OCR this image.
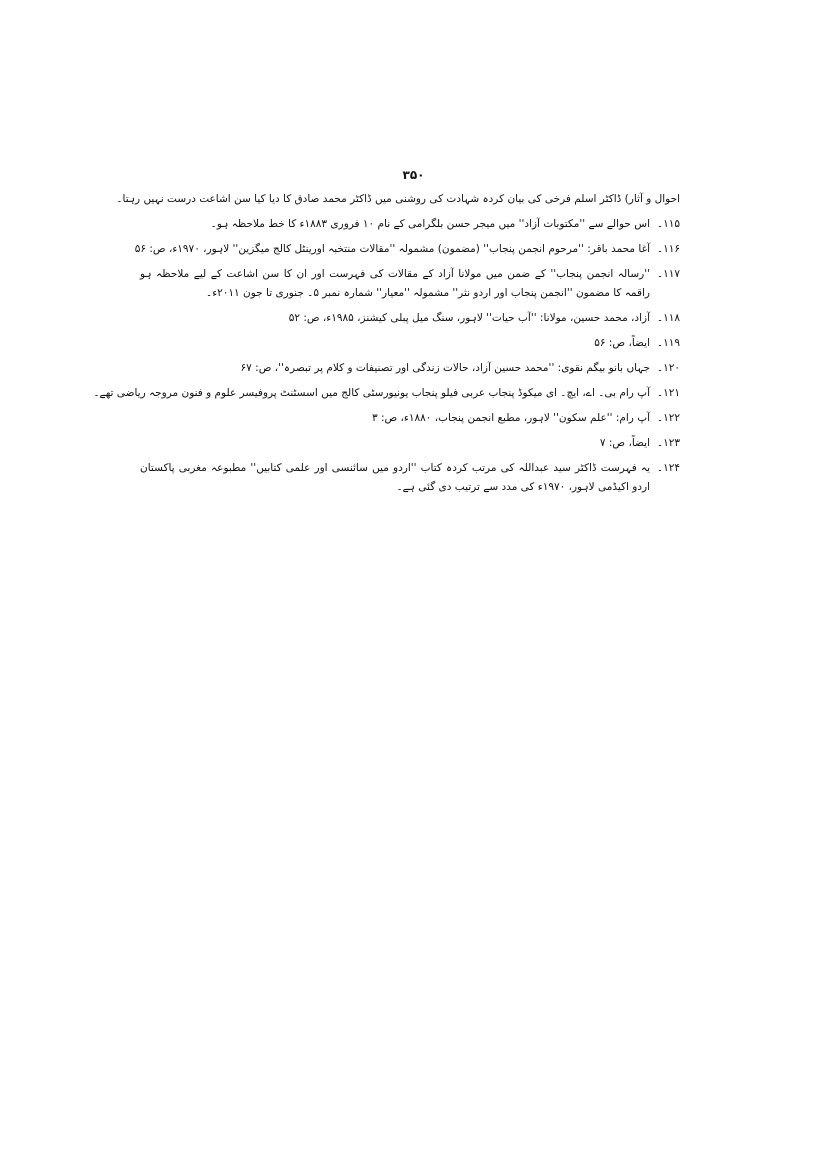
۳۵۰
احوال و آثار) ڈاکٹر اسلم فرخی کی بیان کردہ شہادت کی روشنی میں ڈاکٹر محمد صادق کا دیا کیا سن اشاعت درست نہیں رہتا۔
۱۱۵۔
اس حوالے سے ''مکتوبات آزاد'' میں میجر حسن بلگرامی کے نام ۱۰ فروری ۱۸۸۳ء کا خط ملاحظہ ہو۔
۱۱۶۔
آغا محمد باقر: ''مرحوم انجمن پنجاب'' (مضمون) مشمولہ ''مقالات منتخبہ اورینٹل کالج میگزین'' لاہور، ۱۹۷۰ء، ص: ۵۶
۱۱۷۔
''رسالہ انجمن پنجاب'' کے ضمن میں مولانا آزاد کے مقالات کی فہرست اور ان کا سن اشاعت کے لیے ملاحظہ ہو راقمہ کا مضمون ''انجمن پنجاب اور اردو نثر'' مشمولہ ''معیار'' شمارہ نمبر ۵۔ جنوری تا جون ۲۰۱۱ء۔
۱۱۸۔
آزاد، محمد حسین، مولانا: ''آب حیات'' لاہور، سنگ میل پبلی کیشنز، ۱۹۸۵ء، ص: ۵۲
۱۱۹۔
ایضاً، ص: ۵۶
۱۲۰۔
جہاں بانو بیگم نقوی: ''محمد حسین آزاد، حالات زندگی اور تصنیفات و کلام پر تبصرہ''، ص: ۶۷
۱۲۱۔
آپ رام بی۔ اے، ایچ۔ ای میکوڈ پنجاب عربی فیلو پنجاب یونیورسٹی کالج میں اسسٹنٹ پروفیسر علوم و فنون مروجہ ریاضی تھے۔
۱۲۲۔
آپ رام: ''علم سکون'' لاہور، مطبع انجمن پنجاب، ۱۸۸۰ء، ص: ۳
۱۲۳۔
ایضاً، ص: ۷
۱۲۴۔
یہ فہرست ڈاکٹر سید عبداللہ کی مرتب کردہ کتاب ''اردو میں سائنسی اور علمی کتابیں'' مطبوعہ مغربی پاکستان اردو اکیڈمی لاہور، ۱۹۷۰ء کی مدد سے ترتیب دی گئی ہے۔
